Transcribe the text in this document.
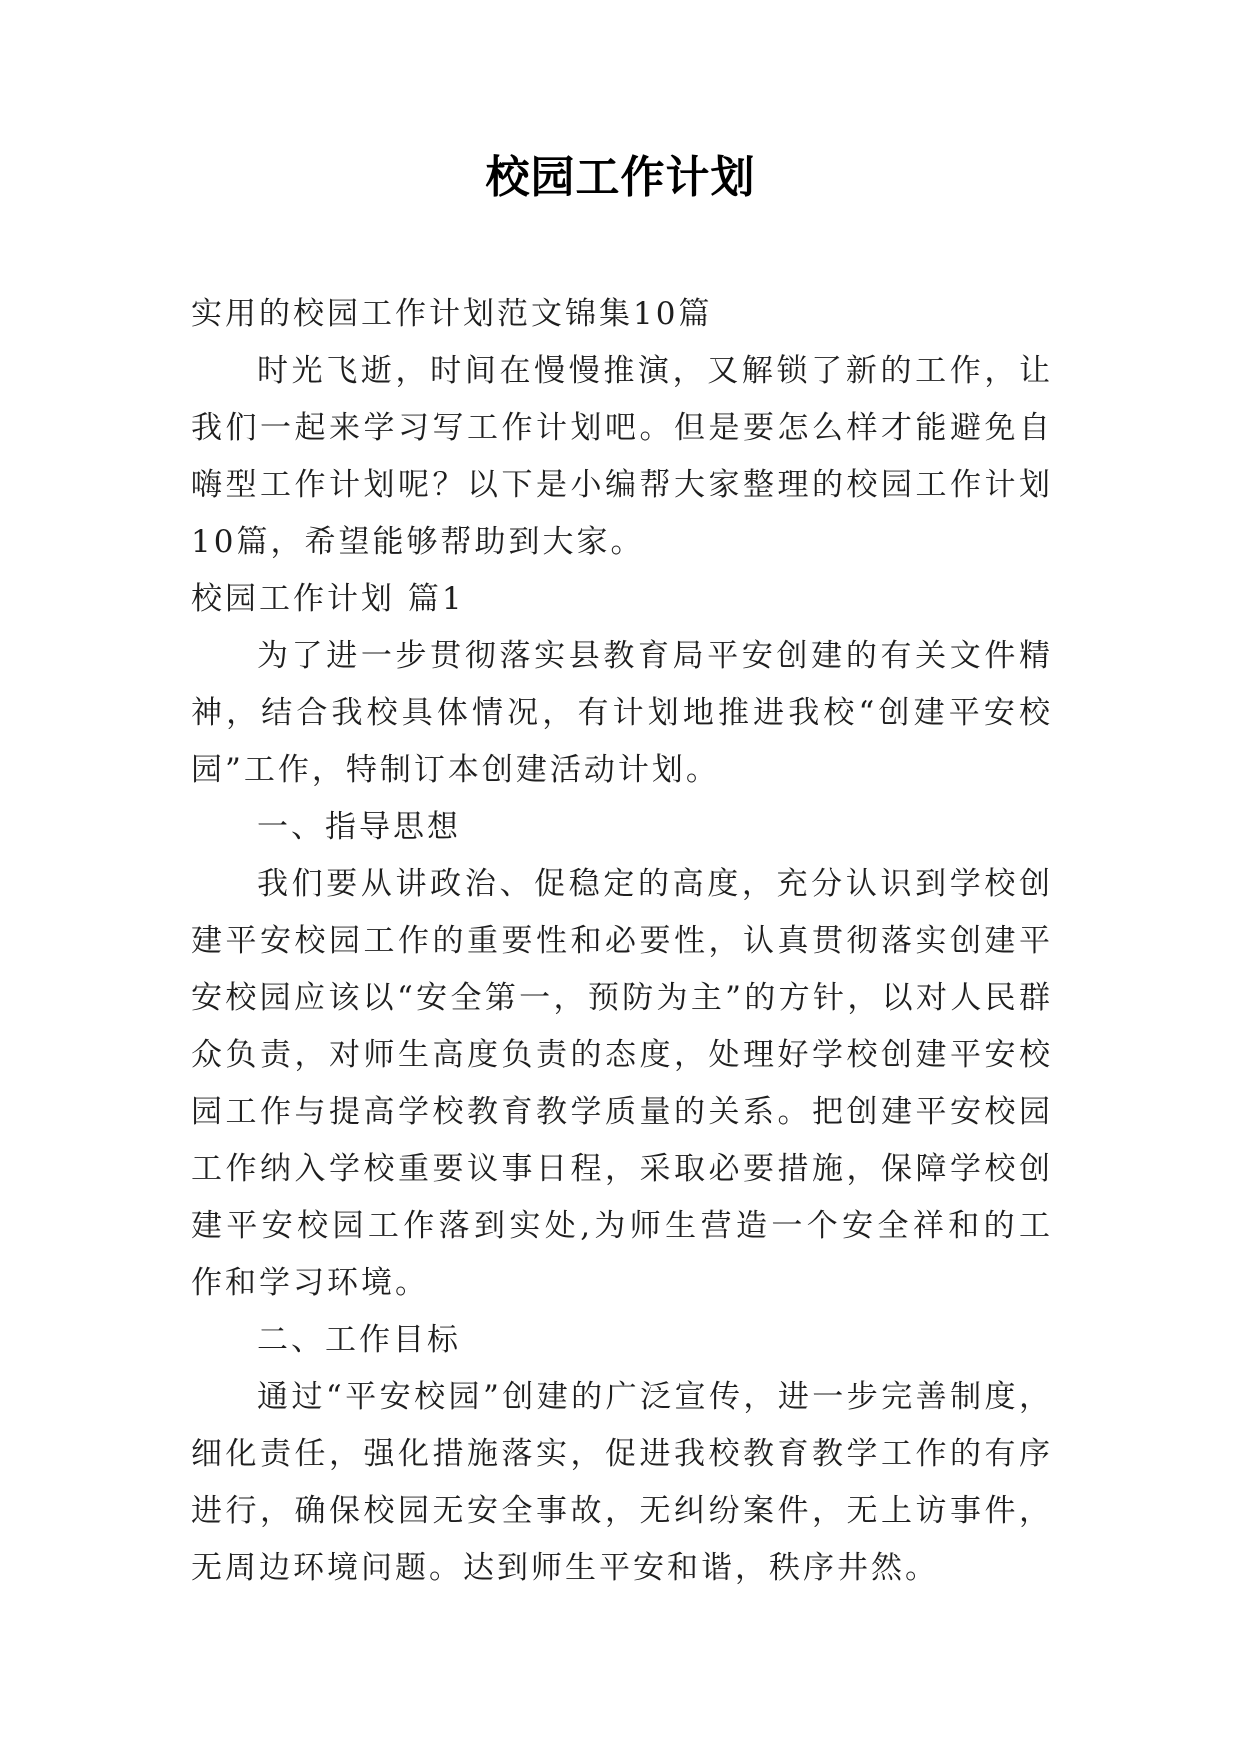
校园工作计划

实用的校园工作计划范文锦集10篇

时光飞逝，时间在慢慢推演，又解锁了新的工作，让我们一起来学习写工作计划吧。但是要怎么样才能避免自嗨型工作计划呢？以下是小编帮大家整理的校园工作计划10篇，希望能够帮助到大家。

校园工作计划 篇1

为了进一步贯彻落实县教育局平安创建的有关文件精神，结合我校具体情况，有计划地推进我校“创建平安校园”工作，特制订本创建活动计划。

一、指导思想

我们要从讲政治、促稳定的高度，充分认识到学校创建平安校园工作的重要性和必要性，认真贯彻落实创建平安校园应该以“安全第一，预防为主”的方针，以对人民群众负责，对师生高度负责的态度，处理好学校创建平安校园工作与提高学校教育教学质量的关系。把创建平安校园工作纳入学校重要议事日程，采取必要措施，保障学校创建平安校园工作落到实处,为师生营造一个安全祥和的工作和学习环境。

二、工作目标

通过“平安校园”创建的广泛宣传，进一步完善制度，细化责任，强化措施落实，促进我校教育教学工作的有序进行，确保校园无安全事故，无纠纷案件，无上访事件，无周边环境问题。达到师生平安和谐，秩序井然。
